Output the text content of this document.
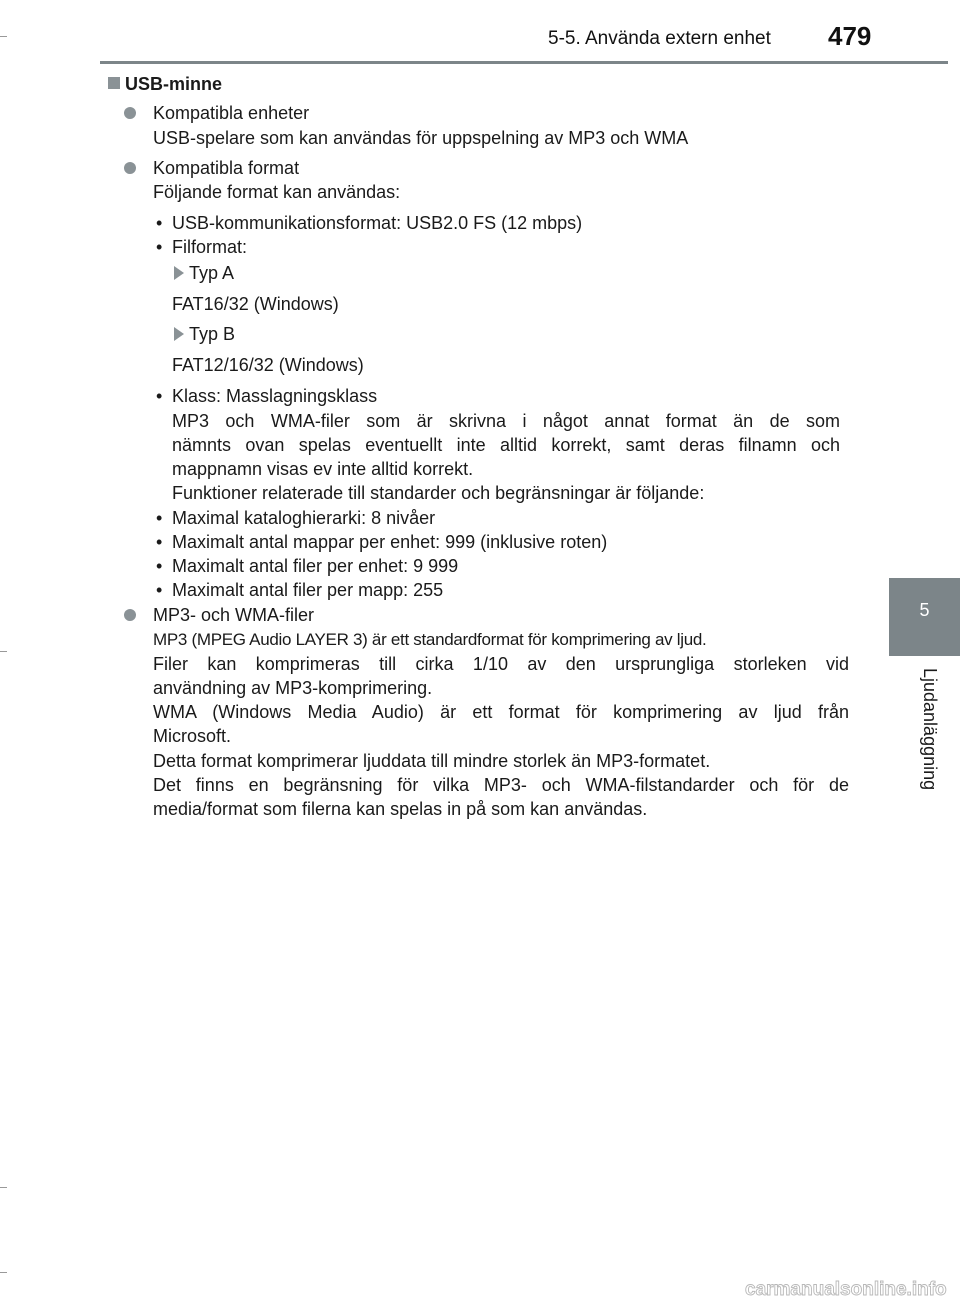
5-5. Använda extern enhet 479
5
Ljudanläggning
USB-minne
Kompatibla enheter
USB-spelare som kan användas för uppspelning av MP3 och WMA
Kompatibla format
Följande format kan användas:
• USB-kommunikationsformat: USB2.0 FS (12 mbps)
• Filformat:
Typ A
FAT16/32 (Windows)
Typ B
FAT12/16/32 (Windows)
• Klass: Masslagningsklass
MP3 och WMA-filer som är skrivna i något annat format än de som
nämnts ovan spelas eventuellt inte alltid korrekt, samt deras filnamn och
mappnamn visas ev inte alltid korrekt.
Funktioner relaterade till standarder och begränsningar är följande:
• Maximal kataloghierarki: 8 nivåer
• Maximalt antal mappar per enhet: 999 (inklusive roten)
• Maximalt antal filer per enhet: 9 999
• Maximalt antal filer per mapp: 255
MP3- och WMA-filer
MP3 (MPEG Audio LAYER 3) är ett standardformat för komprimering av ljud.
Filer kan komprimeras till cirka 1/10 av den ursprungliga storleken vid
användning av MP3-komprimering.
WMA (Windows Media Audio) är ett format för komprimering av ljud från
Microsoft.
Detta format komprimerar ljuddata till mindre storlek än MP3-formatet.
Det finns en begränsning för vilka MP3- och WMA-filstandarder och för de
media/format som filerna kan spelas in på som kan användas.
carmanualsonline.info
